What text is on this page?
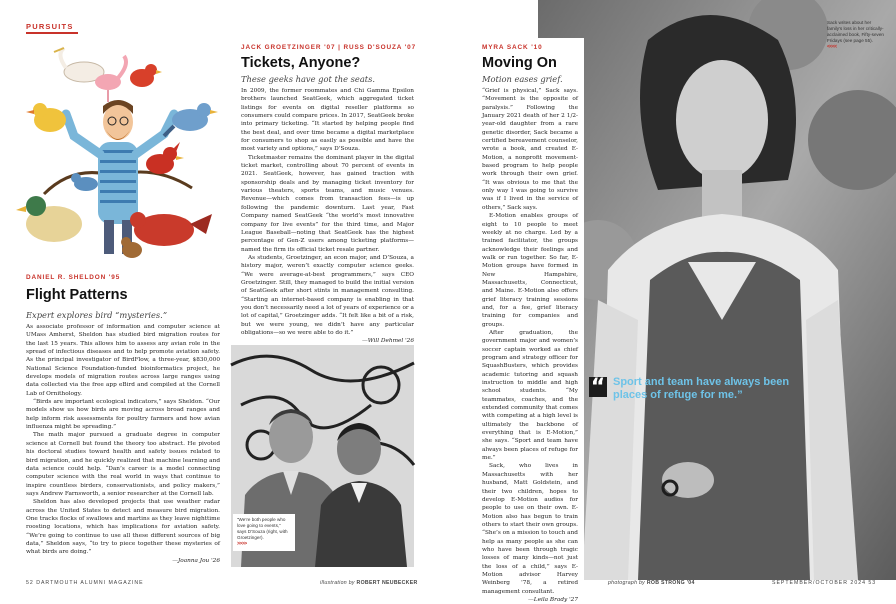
PURSUITS
DANIEL R. SHELDON '95
Flight Patterns
Expert explores bird “mysteries.”

As associate professor of information and computer science at UMass Amherst, Sheldon has studied bird migration routes for the last 15 years. This allows him to assess any avian role in the spread of infectious diseases and to help promote aviation safety. As the principal investigator of BirdFlow, a three-year, $830,000 National Science Foundation-funded bioinformatics project, he develops models of migration routes across large ranges using data collected via the free app eBird and compiled at the Cornell Lab of Ornithology.

“Birds are important ecological indicators,” says Sheldon. “Our models show us how birds are moving across broad ranges and help inform risk assessments for poultry farmers and how avian influenza might be spreading.”

The math major pursued a graduate degree in computer science at Cornell but found the theory too abstract. He pivoted his doctoral studies toward health and safety issues related to bird migration, and he quickly realized that machine learning and data science could help. “Dan’s career is a model connecting computer science with the real world in ways that continue to inspire countless birders, conservationists, and policy makers,” says Andrew Farnsworth, a senior researcher at the Cornell lab.

Sheldon has also developed projects that use weather radar across the United States to detect and measure bird migration. One tracks flocks of swallows and martins as they leave nighttime roosting locations, which has implications for aviation safety. “We’re going to continue to use all these different sources of big data,” Sheldon says, “to try to piece together these mysteries of what birds are doing.”

—Joanna Jou '26

JACK GROETZINGER '07 | RUSS D'SOUZA '07
Tickets, Anyone?
These geeks have got the seats.

In 2009, the former roommates and Chi Gamma Epsilon brothers launched SeatGeek, which aggregated ticket listings for events on digital reseller platforms so consumers could compare prices. In 2017, SeatGeek broke into primary ticketing. “It started by helping people find the best deal, and over time became a digital marketplace for consumers to shop as easily as possible and have the most variety and options,” says D’Souza.

Ticketmaster remains the dominant player in the digital ticket market, controlling about 70 percent of events in 2021. SeatGeek, however, has gained traction with sponsorship deals and by managing ticket inventory for various theaters, sports teams, and music venues. Revenue—which comes from transaction fees—is up following the pandemic downturn. Last year, Fast Company named SeatGeek “the world’s most innovative company for live events” for the third time, and Major League Baseball—noting that SeatGeek has the highest percentage of Gen-Z users among ticketing platforms—named the firm its official ticket resale partner.

As students, Groetzinger, an econ major, and D’Souza, a history major, weren’t exactly computer science geeks. “We were average-at-best programmers,” says CEO Groetzinger. Still, they managed to build the initial version of SeatGeek after short stints in management consulting. “Starting an internet-based company is enabling in that you don’t necessarily need a lot of years of experience or a lot of capital,” Groetzinger adds. “It felt like a bit of a risk, but we were young, we didn’t have any particular obligations—so we were able to do it.”

—Will Dehmel '26

“We’re both people who love going to events,” says D’Souza (right, with Groetzinger).
>>>>
Sack writes about her family’s loss in her critically-acclaimed book, Fifty-seven Fridays (see page 55).
<<<<
“ Sport and team have always been places of refuge for me.”
MYRA SACK '10
Moving On
Motion eases grief.

“Grief is physical,” Sack says. “Movement is the opposite of paralysis.” Following the January 2021 death of her 2 1/2-year-old daughter from a rare genetic disorder, Sack became a certified bereavement counselor, wrote a book, and created E-Motion, a nonprofit movement-based program to help people work through their own grief. “It was obvious to me that the only way I was going to survive was if I lived in the service of others,” Sack says.

E-Motion enables groups of eight to 10 people to meet weekly at no charge. Led by a trained facilitator, the groups acknowledge their feelings and walk or run together. So far, E-Motion groups have formed in New Hampshire, Massachusetts, Connecticut, and Maine. E-Motion also offers grief literacy training sessions and, for a fee, grief literacy training for companies and groups.

After graduation, the government major and women’s soccer captain worked as chief program and strategy officer for SquashBusters, which provides academic tutoring and squash instruction to middle and high school students. “My teammates, coaches, and the extended community that comes with competing at a high level is ultimately the backbone of everything that is E-Motion,” she says. “Sport and team have always been places of refuge for me.”

Sack, who lives in Massachusetts with her husband, Matt Goldstein, and their two children, hopes to develop E-Motion audios for people to use on their own. E-Motion also has begun to train others to start their own groups. “She’s on a mission to touch and help as many people as she can who have been through tragic losses of many kinds—not just the loss of a child,” says E-Motion advisor Harvey Weinberg '78, a retired management consultant.

—Leila Brady '27

52 DARTMOUTH ALUMNI MAGAZINE	illustration by ROBERT NEUBECKER	photograph by ROB STRONG '04	SEPTEMBER/OCTOBER 2024 53
